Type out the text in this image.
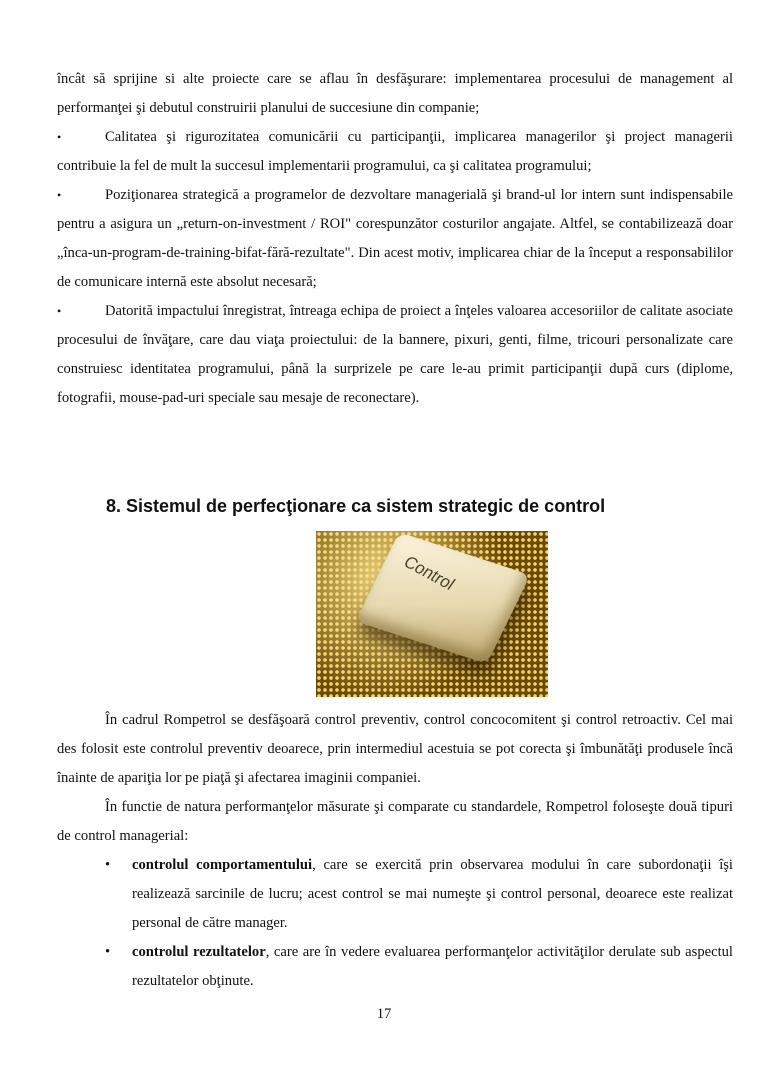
încât să sprijine si alte proiecte care se aflau în desfăşurare: implementarea procesului de management al performanţei şi debutul construirii planului de succesiune din companie;

•	Calitatea şi rigurozitatea comunicării cu participanţii, implicarea managerilor şi project managerii contribuie la fel de mult la succesul implementarii programului, ca şi calitatea programului;
•	Poziţionarea strategică a programelor de dezvoltare managerială şi brand-ul lor intern sunt indispensabile pentru a asigura un „return-on-investment / ROI" corespunzător costurilor angajate. Altfel, se contabilizează doar „înca-un-program-de-training-bifat-fără-rezultate". Din acest motiv, implicarea chiar de la început a responsabililor de comunicare internă este absolut necesară;
•	Datorită impactului înregistrat, întreaga echipa de proiect a înţeles valoarea accesoriilor de calitate asociate procesului de învăţare, care dau viaţa proiectului: de la bannere, pixuri, genti, filme, tricouri personalizate care construiesc identitatea programului, până la surprizele pe care le-au primit participanţii după curs (diplome, fotografii, mouse-pad-uri speciale sau mesaje de reconectare).
8. Sistemul de perfecţionare ca sistem strategic de control
Control

În cadrul Rompetrol se desfăşoară control preventiv, control concocomitent şi control retroactiv. Cel mai des folosit este controlul preventiv deoarece, prin intermediul acestuia se pot corecta şi îmbunătăţi produsele încă înainte de apariţia lor pe piaţă şi afectarea imaginii companiei.

În functie de natura performanţelor măsurate şi comparate cu standardele, Rompetrol foloseşte două tipuri de control managerial:

• controlul comportamentului, care se exercită prin observarea modului în care subordonaţii îşi realizează sarcinile de lucru; acest control se mai numeşte şi control personal, deoarece este realizat personal de către manager.

• controlul rezultatelor, care are în vedere evaluarea performanţelor activităţilor derulate sub aspectul rezultatelor obţinute.

17
